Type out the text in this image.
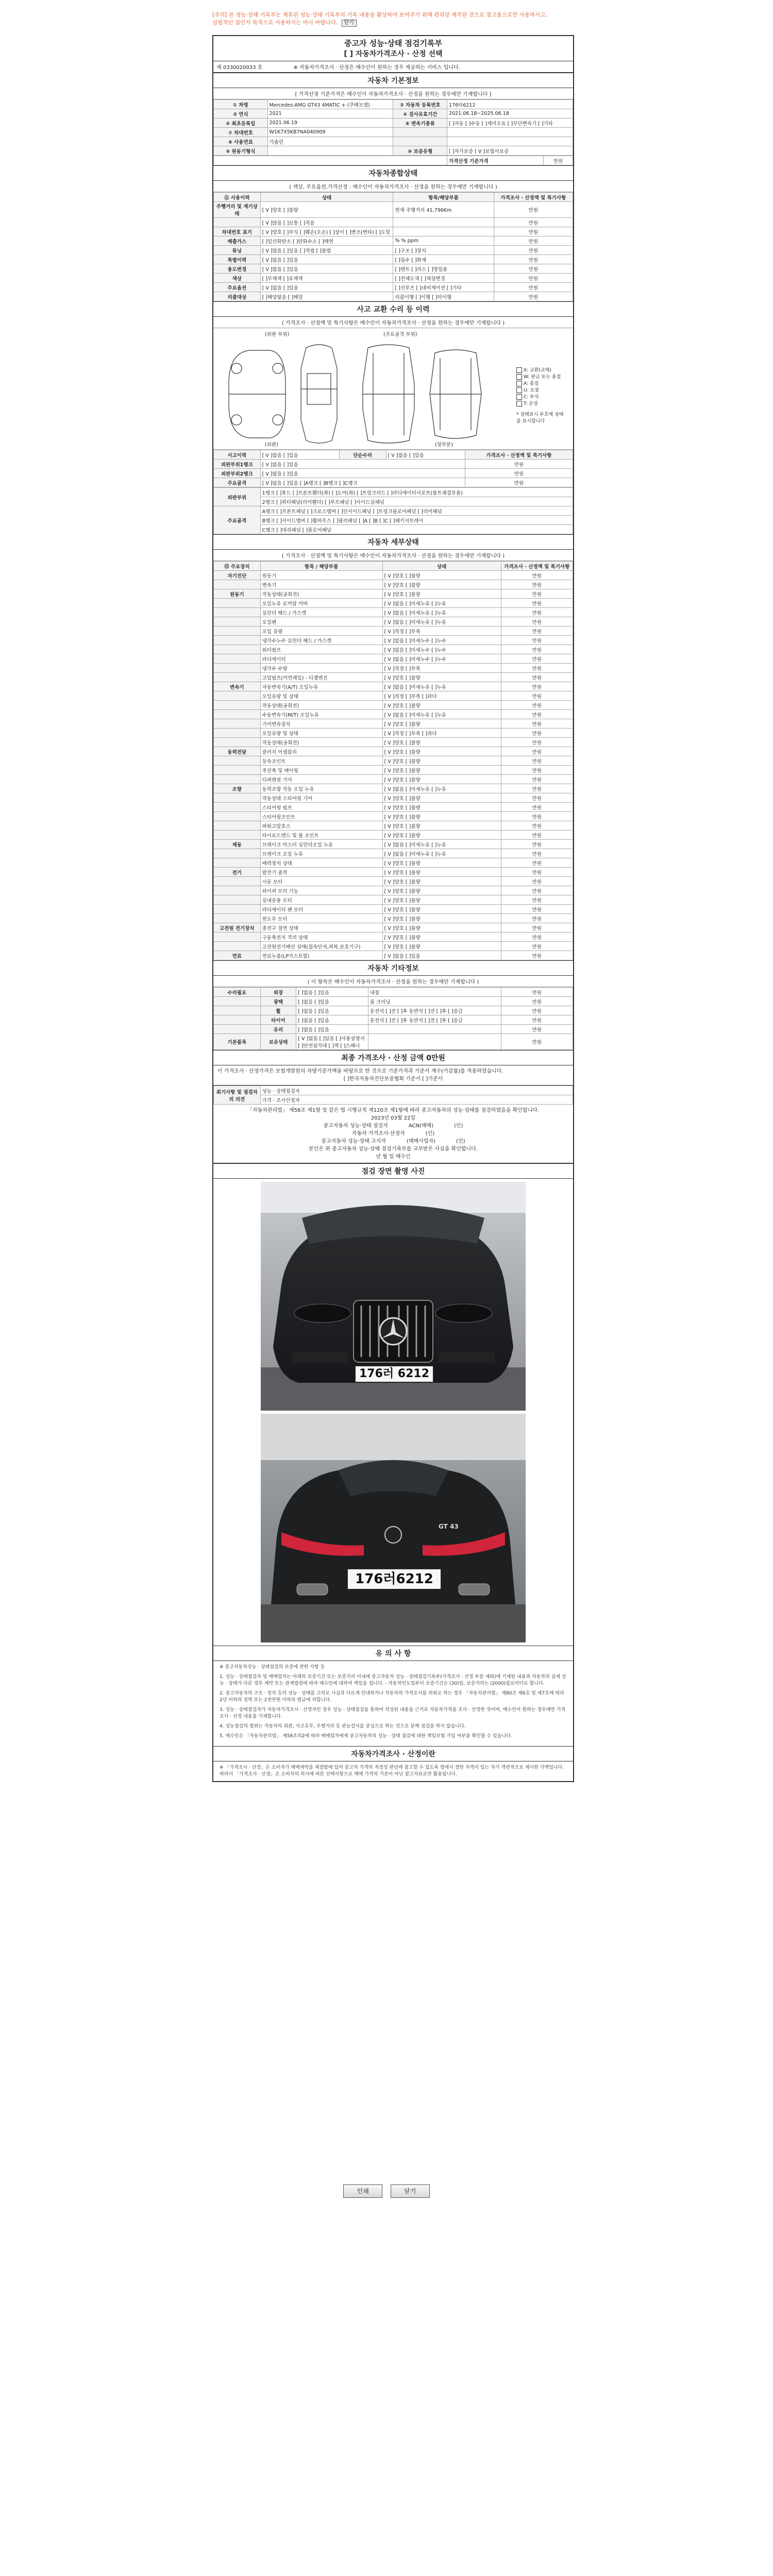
[주의] 본 성능·상태 기록부는 제휴된 성능·상태 기록부의 기록 내용을 활상하여 보여주기 위해 편의상 제작된 것으로 참고용으로만 사용하시고, 실법적인 점인지 목적으로 사용하지는 마시 바랍니다. 닫기
중고자 성능·상태 점검기록부
[ ] 자동차가격조사 · 산정 선택
제 0330020033 호	※ 자동차가격조사 · 산정은 매수인이 원하는 경우 제공하는 서비스 입니다.
자동차 기본정보
[ 가격산정 기준가격은 매수인이 자동차가격조사 · 산정을 원하는 경우에만 기재합니다 ]
① 차명	Mercedes-AMG GT43 4MATIC + (쿠페모델)	② 자동차 등록번호	176타6212
③ 연식	2021	④ 검사유효기간	2021.06.18~2025.06.18
⑤ 최초등록일	2021.06.19	⑥ 변속기종류	[ ]자동 [ ]수동 [ ]세미오토 [ ]무단변속기 [ ]기타
⑦ 차대번호	W1K7X5KB7NA040909		
⑧ 사용연료	가솔린		
⑨ 원동기형식		⑩ 보증유형	[ ]자가보증 [ V ]보험사보증
	가격산정 기준가격	만원
자동차종합상태
( 색상, 주요옵션,가격산정 : 매수인이 자동차가격조사 · 산정을 원하는 경우에만 기재합니다 )
⑪ 사용이력	상태	항목/해당부품	가격조사 · 산정액 및 특기사항
주행거리 및 계기상태	[ V ]양호 [ ]불량	현재 주행거리 41,796Km	만원
	[ V ]많음 [ ]보통 [ ]적음		만원
차대번호 표기	[ V ]양호 [ ]부식 [ ]훼손(오손) [ ]상이 [ ]변조(변타) [ ]도말		만원
배출가스	[ ]일산화탄소 [ ]탄화수소 [ ]매연	% % ppm	만원
튜닝	[ V ]없음 [ ]있음 [ ]적법 [ ]불법	[ ]구조 [ ]장치	만원
특별이력	[ V ]없음 [ ]있음	[ ]침수 [ ]화재	만원
용도변경	[ V ]없음 [ ]있음	[ ]렌트 [ ]리스 [ ]영업용	만원
색상	[ ]무채색 [ ]유채색	[ ]전체도색 [ ]색상변경	만원
주요옵션	[ V ]없음 [ ]있음	[ ]선루프 [ ]네비게이션 [ ]기타	만원
리콜대상	[ ]해당없음 [ ]해당	리콜이행 [ ]이행 [ ]미이행	만원
사고 교환 수리 등 이력
( 가격조사 · 산정액 및 특기사항은 매수인이 자동차가격조사 · 산정을 원하는 경우에만 기재합니다 )
(외판 부위)	(주요골격 부위)
(외판)	(뒷부분)
X: 교환(교체)
W: 판금 또는 용접
A: 흠집
U: 요철
C: 부식
T: 손상
* 상태표시 부호에 상태를 표시합니다
사고이력	[ V ]없음 [ ]있음	단순수리	[ V ]없음 [ ]있음	가격조사 · 산정액 및 특기사항
외판부위1랭크	[ V ]없음 [ ]있음			만원
외판부위2랭크	[ V ]없음 [ ]있음			만원
주요골격	[ V ]없음 [ ]있음 [ ]A랭크 [ ]B랭크 [ ]C랭크			만원
외판부위	1랭크 [ ]후드 [ ]프론트휀더(좌) [ ]도어(좌) [ ]트렁크리드 [ ]라디에이터서포트(볼트체결부품)
	2랭크 [ ]쿼터패널(리어휀더) [ ]루프패널 [ ]사이드실패널
주요골격	A랭크 [ ]프론트패널 [ ]크로스멤버 [ ]인사이드패널 [ ]트렁크플로어패널 [ ]리어패널
	B랭크 [ ]사이드멤버 [ ]휠하우스 [ ]필러패널 [ ]A [ ]B [ ]C [ ]패키지트레이
	C랭크 [ ]대쉬패널 [ ]플로어패널
자동차 세부상태
( 가격조사 · 산정액 및 특기사항은 매수인이 자동차가격조사 · 산정을 원하는 경우에만 기재합니다 )
⑫ 주요장치	항목 / 해당부품	상태	가격조사 · 산정액 및 특기사항
자기진단	원동기	[ V ]양호 [ ]불량	만원
	변속기	[ V ]양호 [ ]불량	만원
원동기	작동상태(공회전)	[ V ]양호 [ ]불량	만원
	오일누유 로커암 커버	[ V ]없음 [ ]미세누유 [ ]누유	만원
	실린더 헤드 / 가스켓	[ V ]없음 [ ]미세누유 [ ]누유	만원
	오일팬	[ V ]없음 [ ]미세누유 [ ]누유	만원
	오일 유량	[ V ]적정 [ ]부족	만원
	냉각수누수 실린더 헤드 / 가스켓	[ V ]없음 [ ]미세누수 [ ]누수	만원
	워터펌프	[ V ]없음 [ ]미세누수 [ ]누수	만원
	라디에이터	[ V ]없음 [ ]미세누수 [ ]누수	만원
	냉각수 수량	[ V ]적정 [ ]부족	만원
	고압펌프(커먼레일) - 디젤엔진	[ V ]양호 [ ]불량	만원
변속기	자동변속기(A/T) 오일누유	[ V ]없음 [ ]미세누유 [ ]누유	만원
	오일유량 및 상태	[ V ]적정 [ ]부족 [ ]과다	만원
	작동상태(공회전)	[ V ]양호 [ ]불량	만원
	수동변속기(M/T) 오일누유	[ V ]없음 [ ]미세누유 [ ]누유	만원
	기어변속장치	[ V ]양호 [ ]불량	만원
	오일유량 및 상태	[ V ]적정 [ ]부족 [ ]과다	만원
	작동상태(공회전)	[ V ]양호 [ ]불량	만원
동력전달	클러치 어셈블리	[ V ]양호 [ ]불량	만원
	등속조인트	[ V ]양호 [ ]불량	만원
	추진축 및 베어링	[ V ]양호 [ ]불량	만원
	디퍼렌셜 기어	[ V ]양호 [ ]불량	만원
조향	동력조향 작동 오일 누유	[ V ]없음 [ ]미세누유 [ ]누유	만원
	작동상태 스티어링 기어	[ V ]양호 [ ]불량	만원
	스티어링 펌프	[ V ]양호 [ ]불량	만원
	스티어링조인트	[ V ]양호 [ ]불량	만원
	파워고압호스	[ V ]양호 [ ]불량	만원
	타이로드엔드 및 볼 조인트	[ V ]양호 [ ]불량	만원
제동	브레이크 마스터 실린더오일 누유	[ V ]없음 [ ]미세누유 [ ]누유	만원
	브레이크 오일 누유	[ V ]없음 [ ]미세누유 [ ]누유	만원
	배력장치 상태	[ V ]양호 [ ]불량	만원
전기	발전기 출력	[ V ]양호 [ ]불량	만원
	시동 모터	[ V ]양호 [ ]불량	만원
	와이퍼 모터 기능	[ V ]양호 [ ]불량	만원
	실내송풍 모터	[ V ]양호 [ ]불량	만원
	라디에이터 팬 모터	[ V ]양호 [ ]불량	만원
	윈도우 모터	[ V ]양호 [ ]불량	만원
고전원 전기장치	충전구 절연 상태	[ V ]양호 [ ]불량	만원
	구동축전지 격리 상태	[ V ]양호 [ ]불량	만원
	고전원전기배선 상태(접속단자,피복,보호기구)	[ V ]양호 [ ]불량	만원
연료	연료누출(LP가스포함)	[ V ]없음 [ ]있음	만원
자동차 기타정보
( 이 항목은 매수인이 자동차가격조사 · 산정을 원하는 경우에만 기재합니다 )
수리필요	외장	[ ]없음 [ ]있음	내장	만원
	광택	[ ]없음 [ ]있음	룸 크리닝	만원
	휠	[ ]없음 [ ]있음	운전석 [ ]전 [ ]후 동반석 [ ]전 [ ]후 [ ]응급	만원
	타이어	[ ]없음 [ ]있음	운전석 [ ]전 [ ]후 동반석 [ ]전 [ ]후 [ ]응급	만원
	유리	[ ]없음 [ ]있음		만원
기본품목	보유상태	[ V ]없음 [ ]있음 [ ]사용설명서 [ ]안전삼각대 [ ]잭 [ ]스패너		만원
최종 가격조사 · 산정 금액 0만원
이 가격조사 · 산정가격은 보험개발원의 차량기준가액을 바탕으로 한 것으로 기준가격과 기준서 계수(가감률)를 적용하였습니다.
[ ]한국자동차진단보증협회 기준서 [ ]기준서
최기사항 및 점검자의 의견	성능 · 상태점검자
가격 · 조사산정자
「자동차관리법」 제58조 제1항 및 같은 법 시행규칙 제120조 제1항에 따라 중고자동차의 성능·상태를 점검하였음을 확인합니다.
2023년 03월 22일
중고자동차 성능·상태 점검자	ACN(매매)	(인)
자동차 가격조사·산정자	(인)
중고자동차 성능·상태 고지자	(매매사업자)	(인)
본인은 위 중고자동차 성능·상태 점검기록부를 교부받은 사실을 확인합니다.
년 월 일 매수인
점검 장면 촬영 사진
176러 6212
GT 43
176러6212
유 의 사 항

※ 중고자동차성능 · 상태점검의 보증에 관한 사항 등

1. 성능 · 상태점검자 및 매매업자는 아래의 보증기간 또는 보증거리 이내에 중고자동차 성능 · 상태점검기록부(가격조사 · 산정 부분 제외)에 기재된 내용과 자동차의 실제 성능 · 상태가 다른 경우 계약 또는 관계법령에 따라 매수인에 대하여 책임을 집니다. - 자동차인도일부터 보증기간은 (30)일, 보증거리는 (2000)킬로미터로 합니다.

2. 중고자동차의 구조 · 장치 등의 성능 · 상태를 고의로 사실과 다르게 안내하거나 자동차의 가격조사를 허위로 하는 경우 「자동차관리법」 제80조 제6호 및 제7호에 따라 2년 이하의 징역 또는 2천만원 이하의 벌금에 처합니다.

3. 성능 · 상태점검자가 자동차가격조사 · 산정자인 경우 성능 · 상태점검을 통하여 작성된 내용을 근거로 자동차가격을 조사 · 산정한 것이며, 매수인이 원하는 경우에만 가격조사 · 산정 내용을 기재합니다.

4. 성능점검의 범위는 자동차의 외관, 사고유무, 주행거리 등 관능검사를 중심으로 하는 것으로 분해 점검을 하지 않습니다.

5. 매수인은 「자동차관리법」 제58조의2에 따라 매매업자에게 중고자동차의 성능 · 상태 점검에 대한 책임보험 가입 여부를 확인할 수 있습니다.

자동차가격조사 · 산정이란
※ 「가격조사 · 산정」은 소비자가 매매계약을 체결함에 있어 중고차 가격의 적정성 판단에 참고할 수 있도록 법에서 정한 자격이 있는 자가 객관적으로 제시한 가액입니다. 따라서 「가격조사 · 산정」은 소비자의 의사에 따른 선택사항으로 매매 가격의 기준이 아닌 참고자료로만 활용됩니다.
인쇄	닫기
